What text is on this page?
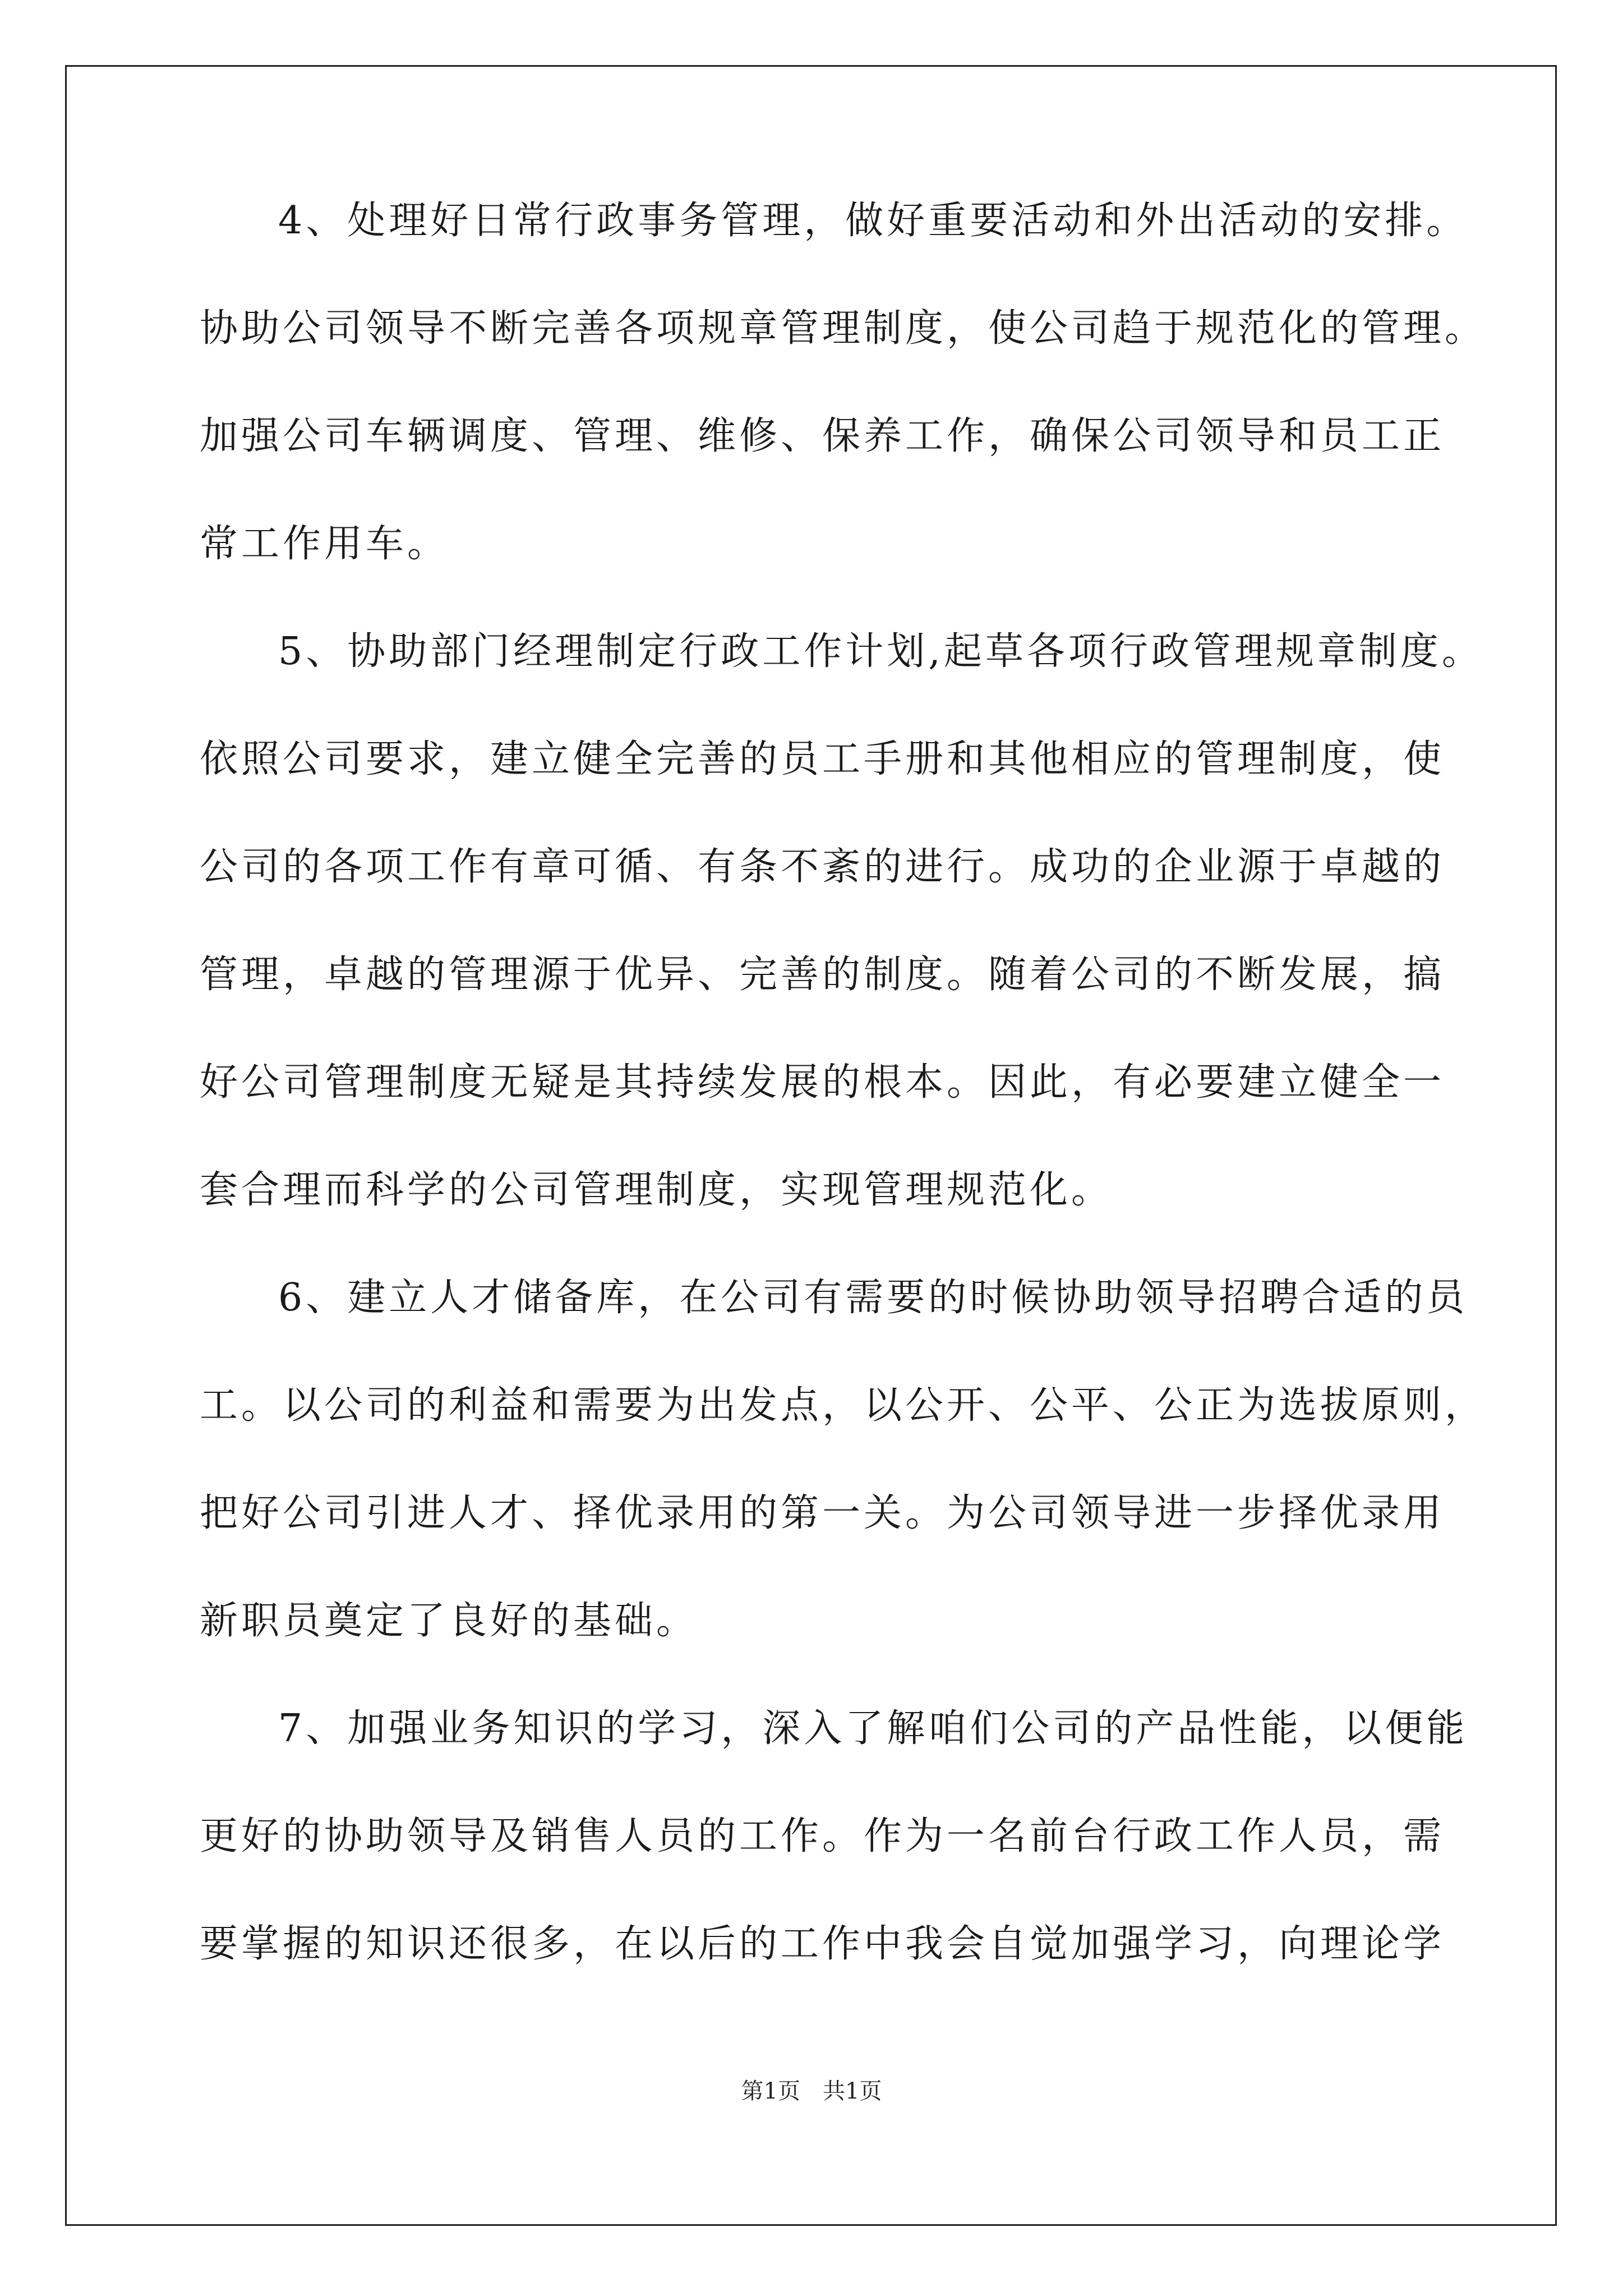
4、处理好日常行政事务管理，做好重要活动和外出活动的安排。
协助公司领导不断完善各项规章管理制度，使公司趋于规范化的管理。
加强公司车辆调度、管理、维修、保养工作，确保公司领导和员工正
常工作用车。
5、协助部门经理制定行政工作计划,起草各项行政管理规章制度。
依照公司要求，建立健全完善的员工手册和其他相应的管理制度，使
公司的各项工作有章可循、有条不紊的进行。成功的企业源于卓越的
管理，卓越的管理源于优异、完善的制度。随着公司的不断发展，搞
好公司管理制度无疑是其持续发展的根本。因此，有必要建立健全一
套合理而科学的公司管理制度，实现管理规范化。
6、建立人才储备库，在公司有需要的时候协助领导招聘合适的员
工。以公司的利益和需要为出发点，以公开、公平、公正为选拔原则，
把好公司引进人才、择优录用的第一关。为公司领导进一步择优录用
新职员奠定了良好的基础。
7、加强业务知识的学习，深入了解咱们公司的产品性能，以便能
更好的协助领导及销售人员的工作。作为一名前台行政工作人员，需
要掌握的知识还很多，在以后的工作中我会自觉加强学习，向理论学
第1页　共1页
